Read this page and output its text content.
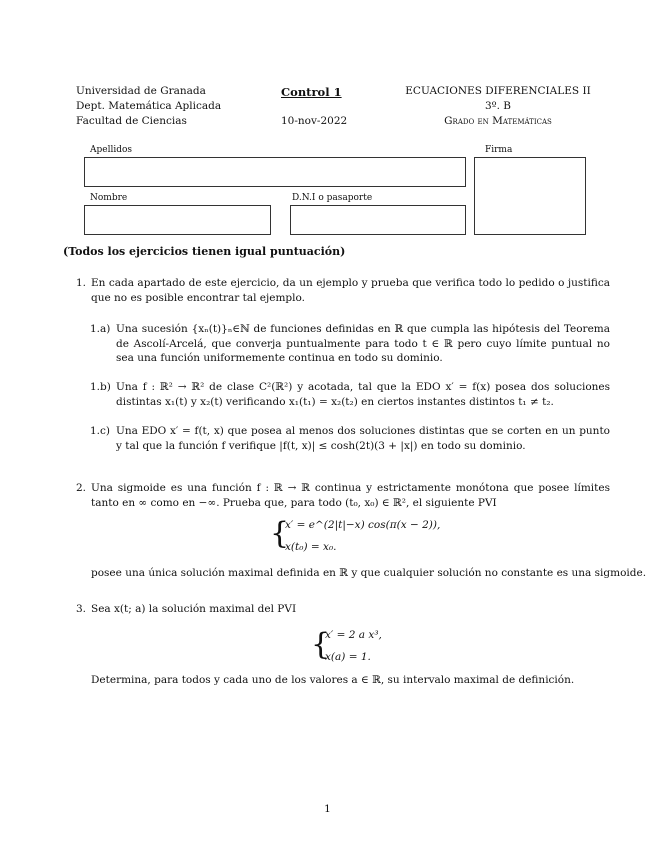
Universidad de Granada
Dept. Matemática Aplicada
Facultad de Ciencias
Control 1
10-nov-2022
ECUACIONES DIFERENCIALES II
3º. B
Grado en Matemáticas
Apellidos	Firma
Nombre	D.N.I o pasaporte
(Todos los ejercicios tienen igual puntuación)
1. En cada apartado de este ejercicio, da un ejemplo y prueba que verifica todo lo pedido o justifica que no es posible encontrar tal ejemplo.
1.a) Una sucesión {xₙ(t)}ₙ∈ℕ de funciones definidas en ℝ que cumpla las hipótesis del Teorema de Ascolí-Arcelá, que converja puntualmente para todo t ∈ ℝ pero cuyo límite puntual no sea una función uniformemente continua en todo su dominio.
1.b) Una f : ℝ² → ℝ² de clase C²(ℝ²) y acotada, tal que la EDO x′ = f(x) posea dos soluciones distintas x₁(t) y x₂(t) verificando x₁(t₁) = x₂(t₂) en ciertos instantes distintos t₁ ≠ t₂.
1.c) Una EDO x′ = f(t, x) que posea al menos dos soluciones distintas que se corten en un punto y tal que la función f verifique |f(t, x)| ≤ cosh(2t)(3 + |x|) en todo su dominio.
2. Una sigmoide es una función f : ℝ → ℝ continua y estrictamente monótona que posee límites tanto en ∞ como en −∞. Prueba que, para todo (t₀, x₀) ∈ ℝ², el siguiente PVI
{
x′ = e^(2|t|−x) cos(π(x − 2)),
x(t₀) = x₀.
posee una única solución maximal definida en ℝ y que cualquier solución no constante es una sigmoide.
3. Sea x(t; a) la solución maximal del PVI
{
x′ = 2 a x³,
x(a) = 1.
Determina, para todos y cada uno de los valores a ∈ ℝ, su intervalo maximal de definición.
1
